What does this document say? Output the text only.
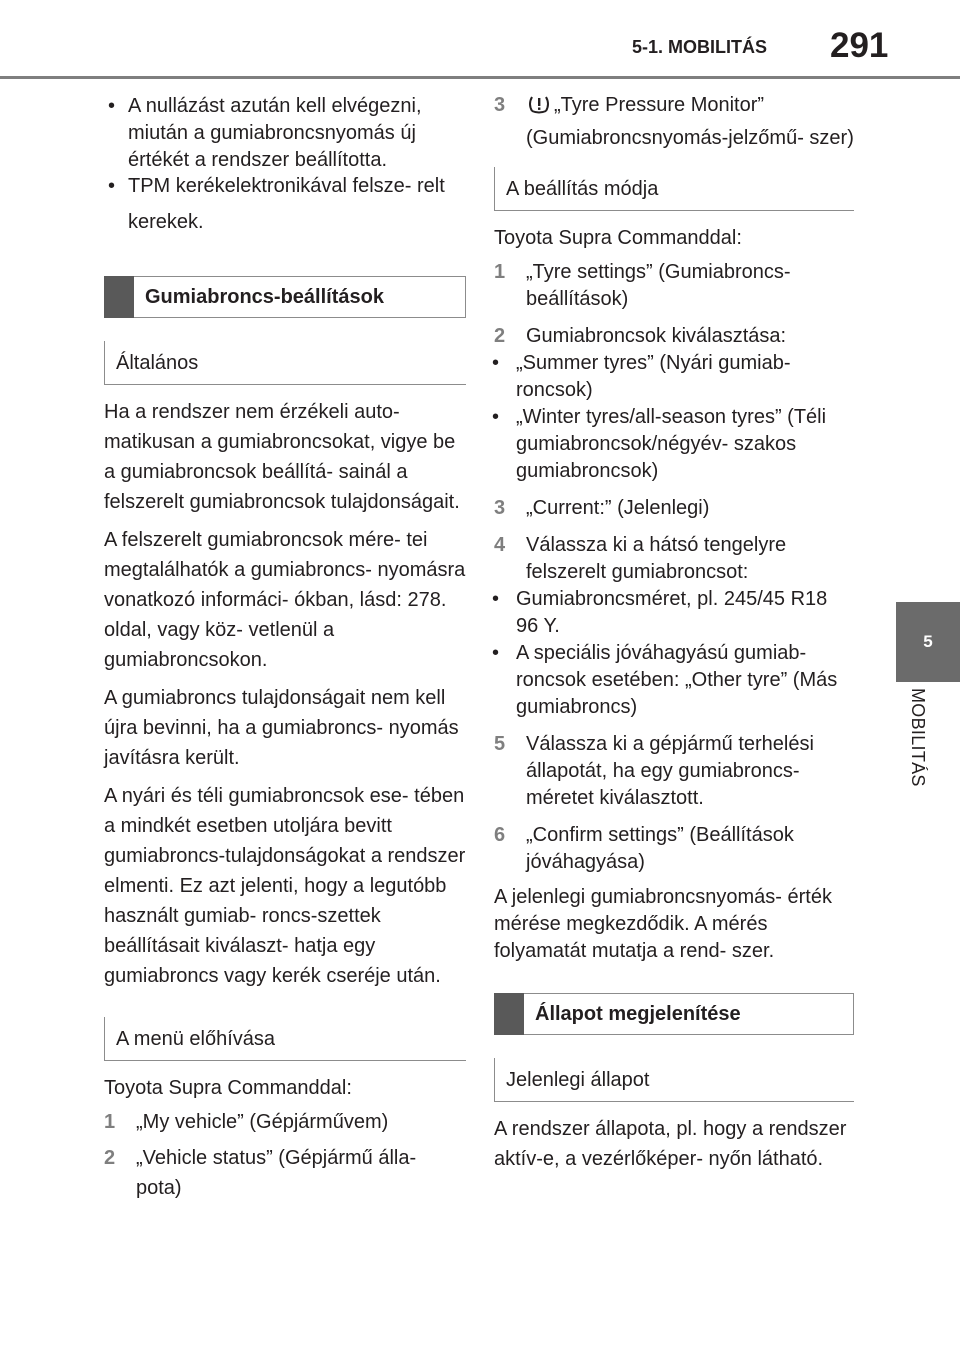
5-1. MOBILITÁS 291
5
MOBILITÁS
• A nullázást azután kell elvégezni, miután a gumiabroncsnyomás új értékét a rendszer beállította.
• TPM kerékelektronikával felsze- relt kerekek.
Gumiabroncs-beállítások
Általános

Ha a rendszer nem érzékeli auto- matikusan a gumiabroncsokat, vigye be a gumiabroncsok beállítá- sainál a felszerelt gumiabroncsok tulajdonságait.

A felszerelt gumiabroncsok mére- tei megtalálhatók a gumiabroncs- nyomásra vonatkozó informáci- ókban, lásd: 278. oldal, vagy köz- vetlenül a gumiabroncsokon.

A gumiabroncs tulajdonságait nem kell újra bevinni, ha a gumiabroncs- nyomás javításra került.

A nyári és téli gumiabroncsok ese- tében a mindkét esetben utoljára bevitt gumiabroncs-tulajdonságokat a rendszer elmenti. Ez azt jelenti, hogy a legutóbb használt gumiab- roncs-szettek beállításait kiválaszt- hatja egy gumiabroncs vagy kerék cseréje után.

A menü előhívása

Toyota Supra Commanddal:

1 „My vehicle” (Gépjárművem)
2 „Vehicle status” (Gépjármű álla- pota)
3 „Tyre Pressure Monitor” (Gumiabroncsnyomás-jelzőmű- szer)
A beállítás módja

Toyota Supra Commanddal:

1 „Tyre settings” (Gumiabroncs- beállítások)
2 Gumiabroncsok kiválasztása:
• „Summer tyres” (Nyári gumiab- roncsok)
• „Winter tyres/all-season tyres” (Téli gumiabroncsok/négyév- szakos gumiabroncsok)
3 „Current:” (Jelenlegi)
4 Válassza ki a hátsó tengelyre felszerelt gumiabroncsot:
• Gumiabroncsméret, pl. 245/45 R18 96 Y.
• A speciális jóváhagyású gumiab- roncsok esetében: „Other tyre” (Más gumiabroncs)
5 Válassza ki a gépjármű terhelési állapotát, ha egy gumiabroncs- méretet kiválasztott.
6 „Confirm settings” (Beállítások jóváhagyása)

A jelenlegi gumiabroncsnyomás- érték mérése megkezdődik. A mérés folyamatát mutatja a rend- szer.

Állapot megjelenítése
Jelenlegi állapot

A rendszer állapota, pl. hogy a rendszer aktív-e, a vezérlőképer- nyőn látható.
